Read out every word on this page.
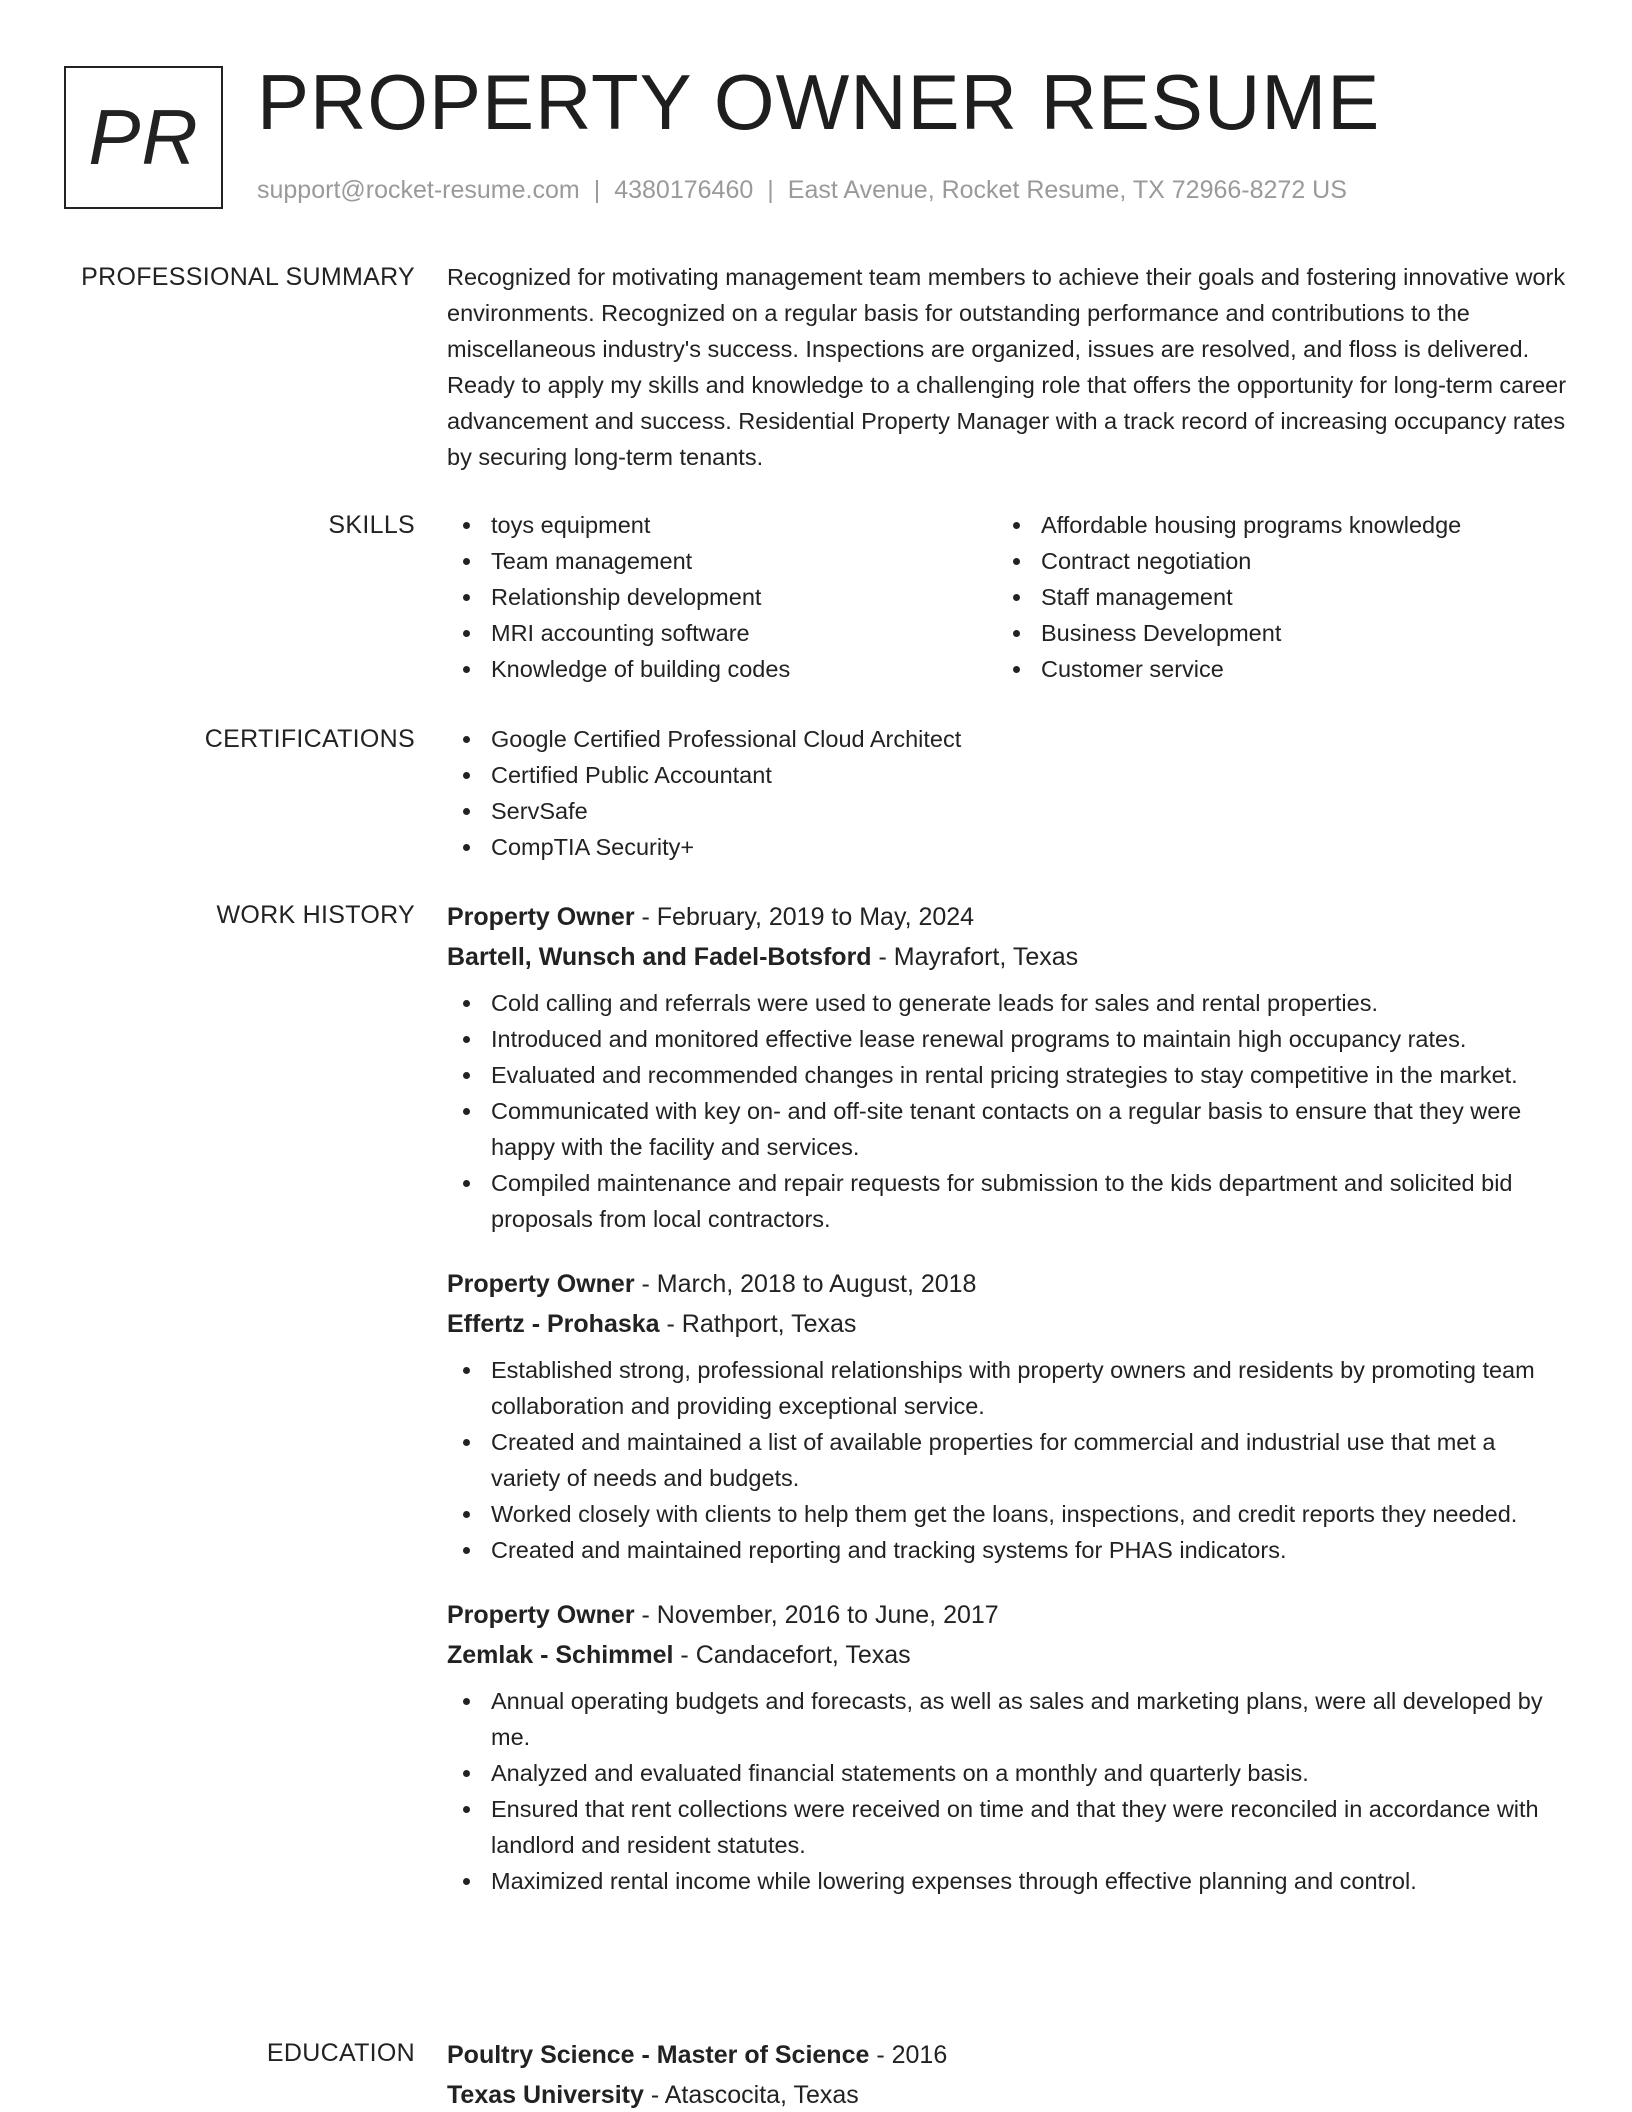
PR PROPERTY OWNER RESUME
support@rocket-resume.com | 4380176460 | East Avenue, Rocket Resume, TX 72966-8272 US
PROFESSIONAL SUMMARY Recognized for motivating management team members to achieve their goals and fostering innovative work environments. Recognized on a regular basis for outstanding performance and contributions to the miscellaneous industry's success. Inspections are organized, issues are resolved, and floss is delivered. Ready to apply my skills and knowledge to a challenging role that offers the opportunity for long-term career advancement and success. Residential Property Manager with a track record of increasing occupancy rates by securing long-term tenants.
SKILLS	toys equipment
Team management
Relationship development
MRI accounting software
Knowledge of building codes
Affordable housing programs knowledge
Contract negotiation
Staff management
Business Development
Customer service
CERTIFICATIONS	Google Certified Professional Cloud Architect
Certified Public Accountant
ServSafe
CompTIA Security+
WORK HISTORY Property Owner - February, 2019 to May, 2024
Bartell, Wunsch and Fadel-Botsford - Mayrafort, Texas
Cold calling and referrals were used to generate leads for sales and rental properties.
Introduced and monitored effective lease renewal programs to maintain high occupancy rates.
Evaluated and recommended changes in rental pricing strategies to stay competitive in the market.
Communicated with key on- and off-site tenant contacts on a regular basis to ensure that they were happy with the facility and services.
Compiled maintenance and repair requests for submission to the kids department and solicited bid proposals from local contractors.
Property Owner - March, 2018 to August, 2018
Effertz - Prohaska - Rathport, Texas
Established strong, professional relationships with property owners and residents by promoting team collaboration and providing exceptional service.
Created and maintained a list of available properties for commercial and industrial use that met a variety of needs and budgets.
Worked closely with clients to help them get the loans, inspections, and credit reports they needed.
Created and maintained reporting and tracking systems for PHAS indicators.
Property Owner - November, 2016 to June, 2017
Zemlak - Schimmel - Candacefort, Texas
Annual operating budgets and forecasts, as well as sales and marketing plans, were all developed by me.
Analyzed and evaluated financial statements on a monthly and quarterly basis.
Ensured that rent collections were received on time and that they were reconciled in accordance with landlord and resident statutes.
Maximized rental income while lowering expenses through effective planning and control.
EDUCATION Poultry Science - Master of Science - 2016
Texas University - Atascocita, Texas
